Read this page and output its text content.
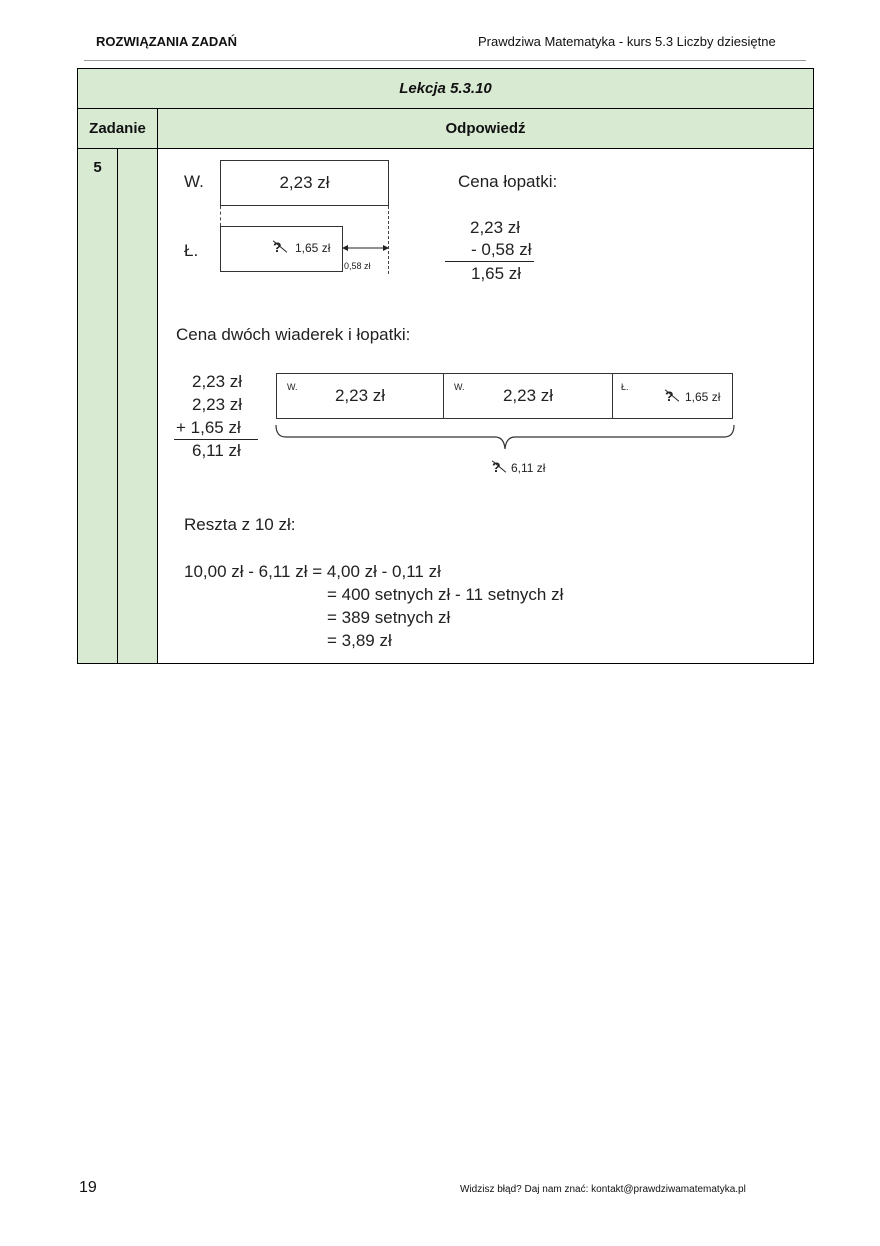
ROZWIĄZANIA ZADAŃ	Prawdziwa Matematyka - kurs 5.3 Liczby dziesiętne
Lekcja 5.3.10
Zadanie	Odpowiedź
5
W.	2,23 zł
Ł.	? 1,65 zł
0,58 zł
Cena łopatki:
2,23 zł
- 0,58 zł
1,65 zł
Cena dwóch wiaderek i łopatki:
2,23 zł
2,23 zł
+ 1,65 zł
6,11 zł
W. 2,23 zł	W. 2,23 zł	Ł.
? 1,65 zł
? 6,11 zł
Reszta z 10 zł:
10,00 zł - 6,11 zł = 4,00 zł - 0,11 zł
= 400 setnych zł - 11 setnych zł
= 389 setnych zł
= 3,89 zł
19	Widzisz błąd? Daj nam znać: kontakt@prawdziwamatematyka.pl
